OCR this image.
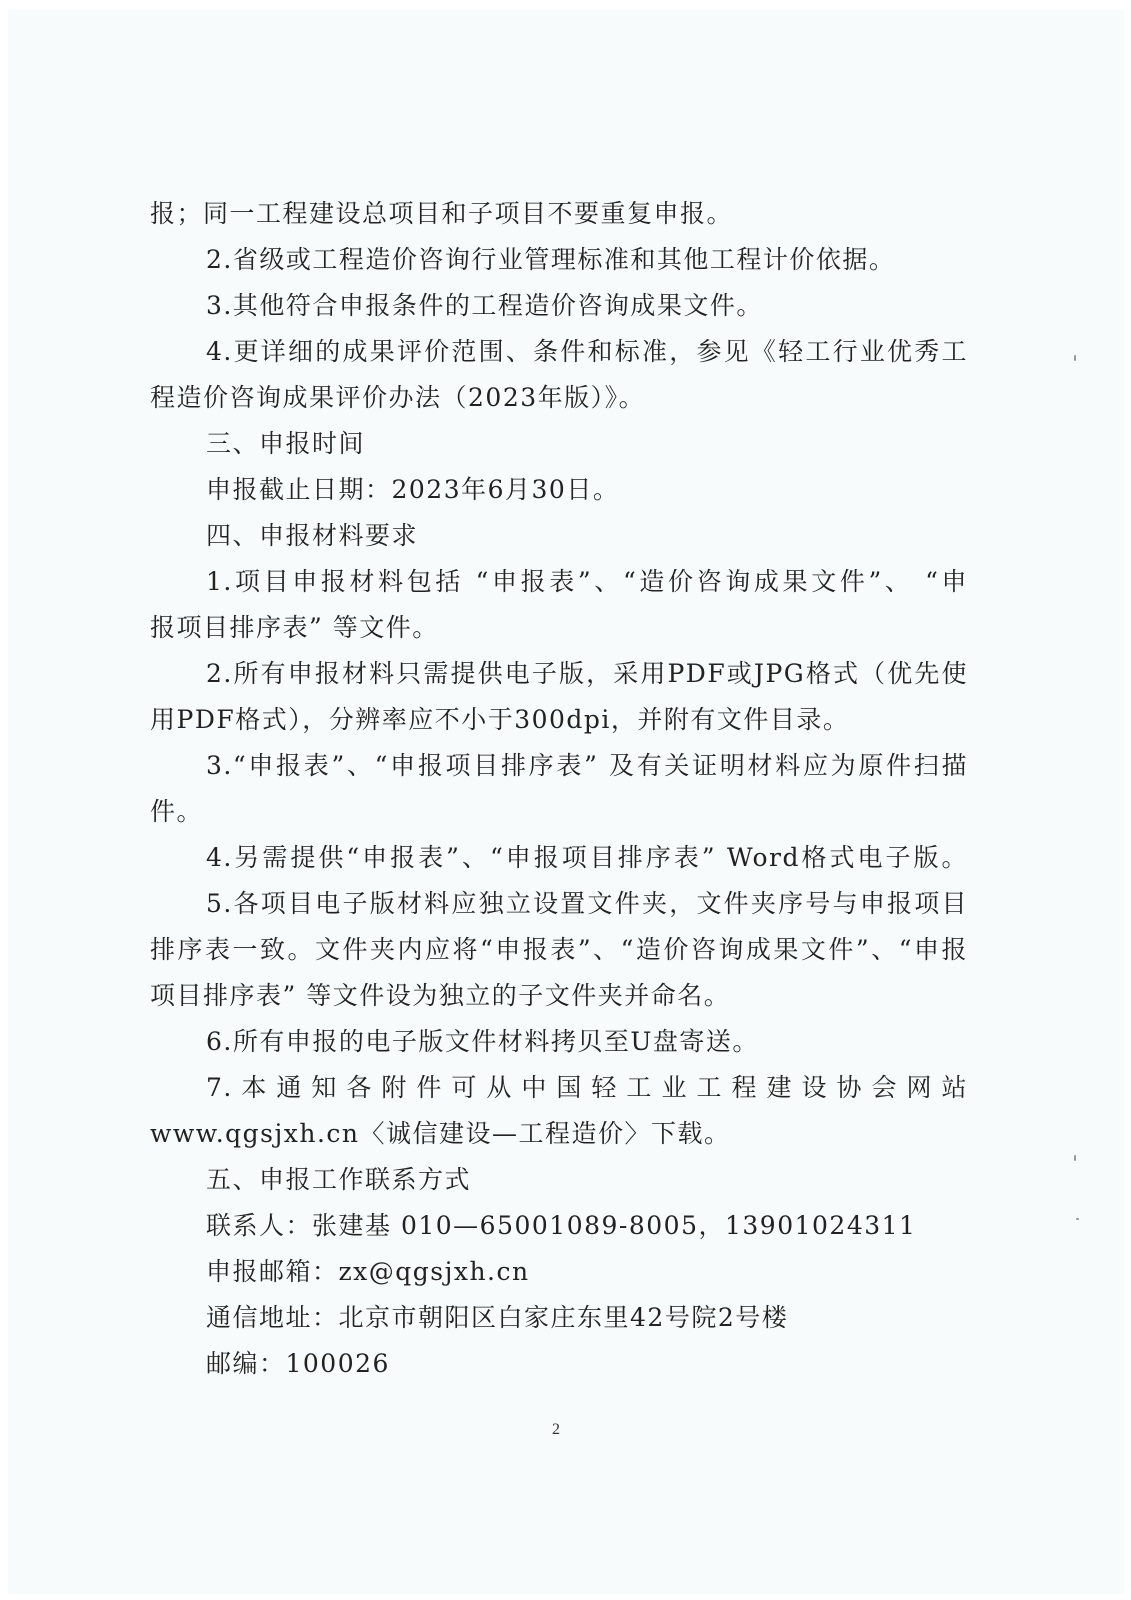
报；同一工程建设总项目和子项目不要重复申报。
2.省级或工程造价咨询行业管理标准和其他工程计价依据。
3.其他符合申报条件的工程造价咨询成果文件。
4.更详细的成果评价范围、条件和标准，参见《轻工行业优秀工
程造价咨询成果评价办法（2023年版）》。
三、申报时间
申报截止日期：2023年6月30日。
四、申报材料要求
1.项目申报材料包括 “申报表”、“造价咨询成果文件”、 “申
报项目排序表” 等文件。
2.所有申报材料只需提供电子版，采用PDF或JPG格式（优先使
用PDF格式），分辨率应不小于300dpi，并附有文件目录。
3.“申报表”、“申报项目排序表” 及有关证明材料应为原件扫描
件。
4.另需提供“申报表”、“申报项目排序表” Word格式电子版。
5.各项目电子版材料应独立设置文件夹，文件夹序号与申报项目
排序表一致。文件夹内应将“申报表”、“造价咨询成果文件”、“申报
项目排序表” 等文件设为独立的子文件夹并命名。
6.所有申报的电子版文件材料拷贝至U盘寄送。
7.本通知各附件可从中国轻工业工程建设协会网站
www.qgsjxh.cn〈诚信建设—工程造价〉下载。
五、申报工作联系方式
联系人：张建基 010—65001089-8005，13901024311
申报邮箱：zx@qgsjxh.cn
通信地址：北京市朝阳区白家庄东里42号院2号楼
邮编：100026
2
